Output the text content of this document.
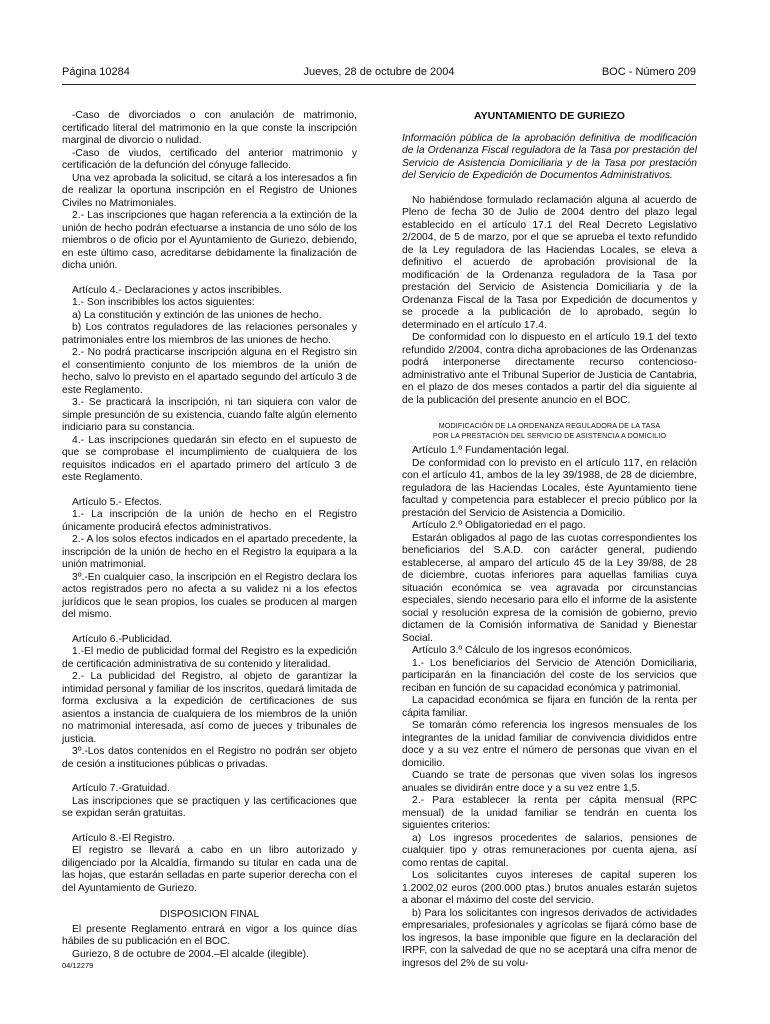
Página 10284	Jueves, 28 de octubre de 2004	BOC - Número 209

-Caso de divorciados o con anulación de matrimonio, certificado literal del matrimonio en la que conste la inscripción marginal de divorcio o nulidad.

-Caso de viudos, certificado del anterior matrimonio y certificación de la defunción del cónyuge fallecido.

Una vez aprobada la solicitud, se citará a los interesados a fin de realizar la oportuna inscripción en el Registro de Uniones Civiles no Matrimoniales.

2.- Las inscripciones que hagan referencia a la extinción de la unión de hecho podrán efectuarse a instancia de uno sólo de los miembros o de oficio por el Ayuntamiento de Guriezo, debiendo, en este último caso, acreditarse debidamente la finalización de dicha unión.

Artículo 4.- Declaraciones y actos inscribibles.

1.- Son inscribibles los actos siguientes:

a) La constitución y extinción de las uniones de hecho.

b) Los contratos reguladores de las relaciones personales y patrimoniales entre los miembros de las uniones de hecho.

2.- No podrá practicarse inscripción alguna en el Registro sin el consentimiento conjunto de los miembros de la unión de hecho, salvo lo previsto en el apartado segundo del artículo 3 de este Reglamento.

3.- Se practicará la inscripción, ni tan siquiera con valor de simple presunción de su existencia, cuando falte algún elemento indiciario para su constancia.

4.- Las inscripciones quedarán sin efecto en el supuesto de que se comprobase el incumplimiento de cualquiera de los requisitos indicados en el apartado primero del artículo 3 de este Reglamento.

Artículo 5.- Efectos.

1.- La inscripción de la unión de hecho en el Registro únicamente producirá efectos administrativos.

2.- A los solos efectos indicados en el apartado precedente, la inscripción de la unión de hecho en el Registro la equipara a la unión matrimonial.

3º.-En cualquier caso, la inscripción en el Registro declara los actos registrados pero no afecta a su validez ni a los efectos jurídicos que le sean propios, los cuales se producen al margen del mismo.

Artículo 6.-Publicidad.

1.-El medio de publicidad formal del Registro es la expedición de certificación administrativa de su contenido y literalidad.

2.- La publicidad del Registro, al objeto de garantizar la intimidad personal y familiar de los inscritos, quedará limitada de forma exclusiva a la expedición de certificaciones de sus asientos a instancia de cualquiera de los miembros de la unión no matrimonial interesada, así como de jueces y tribunales de justicia.

3º.-Los datos contenidos en el Registro no podrán ser objeto de cesión a instituciones públicas o privadas.

Artículo 7.-Gratuidad.

Las inscripciones que se practiquen y las certificaciones que se expidan serán gratuitas.

Artículo 8.-El Registro.

El registro se llevará a cabo en un libro autorizado y diligenciado por la Alcaldía, firmando su titular en cada una de las hojas, que estarán selladas en parte superior derecha con el del Ayuntamiento de Guriezo.

DISPOSICION FINAL

El presente Reglamento entrará en vigor a los quince días hábiles de su publicación en el BOC.

Guriezo, 8 de octubre de 2004.–El alcalde (ilegible).

04/12279

AYUNTAMIENTO DE GURIEZO

Información pública de la aprobación definitiva de modificación de la Ordenanza Fiscal reguladora de la Tasa por prestación del Servicio de Asistencia Domiciliaria y de la Tasa por prestación del Servicio de Expedición de Documentos Administrativos.

No habiéndose formulado reclamación alguna al acuerdo de Pleno de fecha 30 de Julio de 2004 dentro del plazo legal establecido en el artículo 17.1 del Real Decreto Legislativo 2/2004, de 5 de marzo, por el que se aprueba el texto refundido de la Ley reguladora de las Haciendas Locales, se eleva a definitivo el acuerdo de aprobación provisional de la modificación de la Ordenanza reguladora de la Tasa por prestación del Servicio de Asistencia Domiciliaria y de la Ordenanza Fiscal de la Tasa por Expedición de documentos y se procede a la publicación de lo aprobado, según lo determinado en el artículo 17.4.

De conformidad con lo dispuesto en el artículo 19.1 del texto refundido 2/2004, contra dicha aprobaciones de las Ordenanzas podrá interponerse directamente recurso contencioso-administrativo ante el Tribunal Superior de Justicia de Cantabria, en el plazo de dos meses contados a partir del día siguiente al de la publicación del presente anuncio en el BOC.

MODIFICACIÓN DE LA ORDENANZA REGULADORA DE LA TASA
POR LA PRESTACIÓN DEL SERVICIO DE ASISTENCIA A DOMICILIO

Artículo 1.º Fundamentación legal.

De conformidad con lo previsto en el artículo 117, en relación con el artículo 41, ambos de la ley 39/1988, de 28 de diciembre, reguladora de las Haciendas Locales, éste Ayuntamiento tiene facultad y competencia para establecer el precio público por la prestación del Servicio de Asistencia a Domicilio.

Artículo 2.º Obligatoriedad en el pago.

Estarán obligados al pago de las cuotas correspondientes los beneficiarios del S.A.D. con carácter general, pudiendo establecerse, al amparo del artículo 45 de la Ley 39/88, de 28 de diciembre, cuotas inferiores para aquellas familias cuya situación económica se vea agravada por circunstancias especiales, siendo necesario para ello el informe de la asistente social y resolución expresa de la comisión de gobierno, previo dictamen de la Comisión informativa de Sanidad y Bienestar Social.

Artículo 3.º Cálculo de los ingresos económicos.

1.- Los beneficiarios del Servicio de Atención Domiciliaria, participarán en la financiación del coste de los servicios que reciban en función de su capacidad económica y patrimonial.

La capacidad económica se fijara en función de la renta per cápita familiar.

Se tomarán cómo referencia los ingresos mensuales de los integrantes de la unidad familiar de convivencia divididos entre doce y a su vez entre el número de personas que vivan en el domicilio.

Cuando se trate de personas que viven solas los ingresos anuales se dividirán entre doce y a su vez entre 1,5.

2.- Para establecer la renta per cápita mensual (RPC mensual) de la unidad familiar se tendrán en cuenta los siguientes criterios:

a) Los ingresos procedentes de salarios, pensiones de cualquier tipo y otras remuneraciones por cuenta ajena, así como rentas de capital.

Los solicitantes cuyos intereses de capital superen los 1.2002,02 euros (200.000 ptas.) brutos anuales estarán sujetos a abonar el máximo del coste del servicio.

b) Para los solicitantes con ingresos derivados de actividades empresariales, profesionales y agrícolas se fijará cómo base de los ingresos, la base imponible que figure en la declaración del IRPF, con la salvedad de que no se aceptará una cifra menor de ingresos del 2% de su volu-
